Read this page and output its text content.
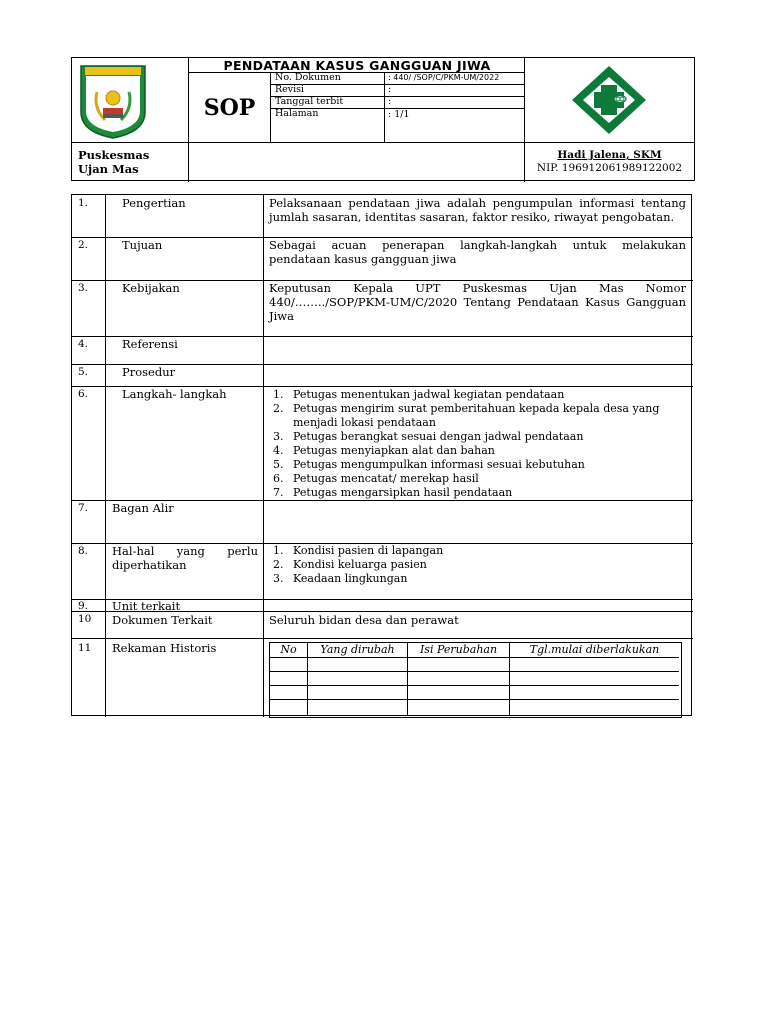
PENDATAAN KASUS GANGGUAN JIWA
SOP
No. Dokumen	: 440/ /SOP/C/PKM-UM/2022
Revisi	:
Tanggal terbit	:
Halaman	: 1/1
Puskesmas
Ujan Mas
Hadi Jalena, SKM
NIP. 196912061989122002
1.	Pengertian	Pelaksanaan pendataan jiwa adalah pengumpulan informasi tentang jumlah sasaran, identitas sasaran, faktor resiko, riwayat pengobatan.
2.	Tujuan	Sebagai acuan penerapan langkah-langkah untuk melakukan pendataan kasus gangguan jiwa
3.	Kebijakan	Keputusan Kepala UPT Puskesmas Ujan Mas Nomor 440/……../SOP/PKM-UM/C/2020 Tentang Pendataan Kasus Gangguan Jiwa
4.	Referensi
5.	Prosedur
6.	Langkah- langkah	1. Petugas menentukan jadwal kegiatan pendataan
2. Petugas mengirim surat pemberitahuan kepada kepala desa yang menjadi lokasi pendataan
3. Petugas berangkat sesuai dengan jadwal pendataan
4. Petugas menyiapkan alat dan bahan
5. Petugas mengumpulkan informasi sesuai kebutuhan
6. Petugas mencatat/ merekap hasil
7. Petugas mengarsipkan hasil pendataan
7. Bagan Alir
8. Hal-hal yang perlu diperhatikan
1. Kondisi pasien di lapangan
2. Kondisi keluarga pasien
3. Keadaan lingkungan
9. Unit terkait
10 Dokumen Terkait	Seluruh bidan desa dan perawat
11 Rekaman Historis	No	Yang dirubah	Isi Perubahan	Tgl.mulai diberlakukan
